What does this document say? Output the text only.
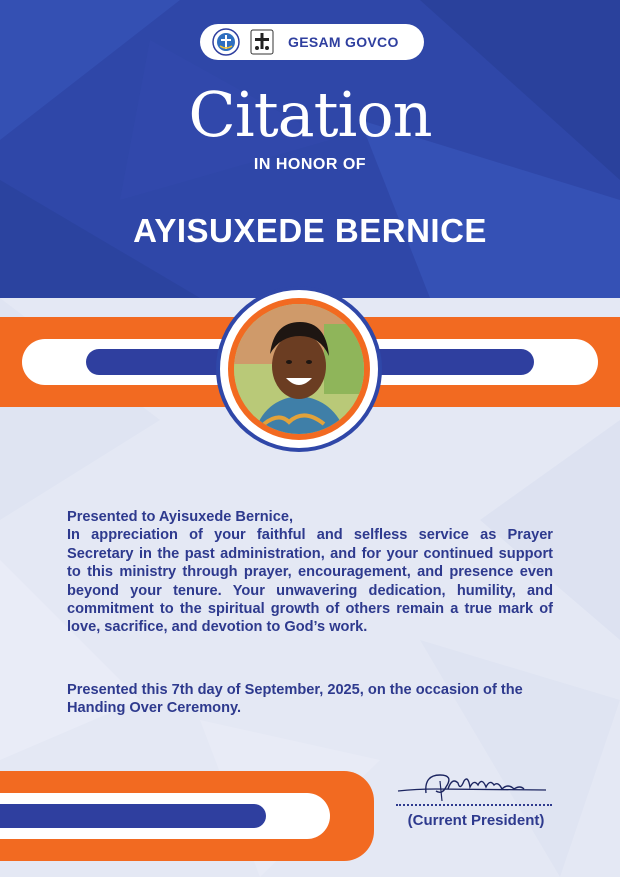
GESAM GOVCO
Citation
IN HONOR OF
AYISUXEDE BERNICE

Presented to Ayisuxede Bernice,

In appreciation of your faithful and selfless service as Prayer Secretary in the past administration, and for your continued support to this ministry through prayer, encouragement, and presence even beyond your tenure. Your unwavering dedication, humility, and commitment to the spiritual growth of others remain a true mark of love, sacrifice, and devotion to God’s work.

Presented this 7th day of September, 2025, on the occasion of the Handing Over Ceremony.

(Current President)
